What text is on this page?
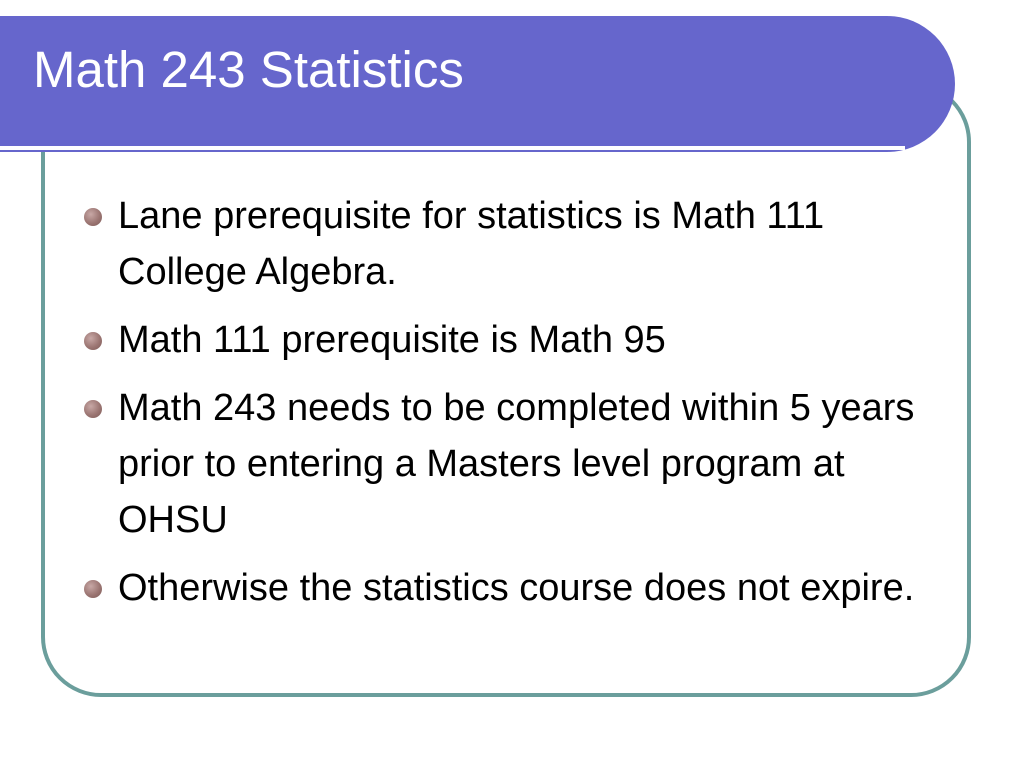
Math 243 Statistics
Lane prerequisite for statistics is Math 111 College Algebra.
Math 111 prerequisite is Math 95
Math 243 needs to be completed within 5 years prior to entering a Masters level program at OHSU
Otherwise the statistics course does not expire.
